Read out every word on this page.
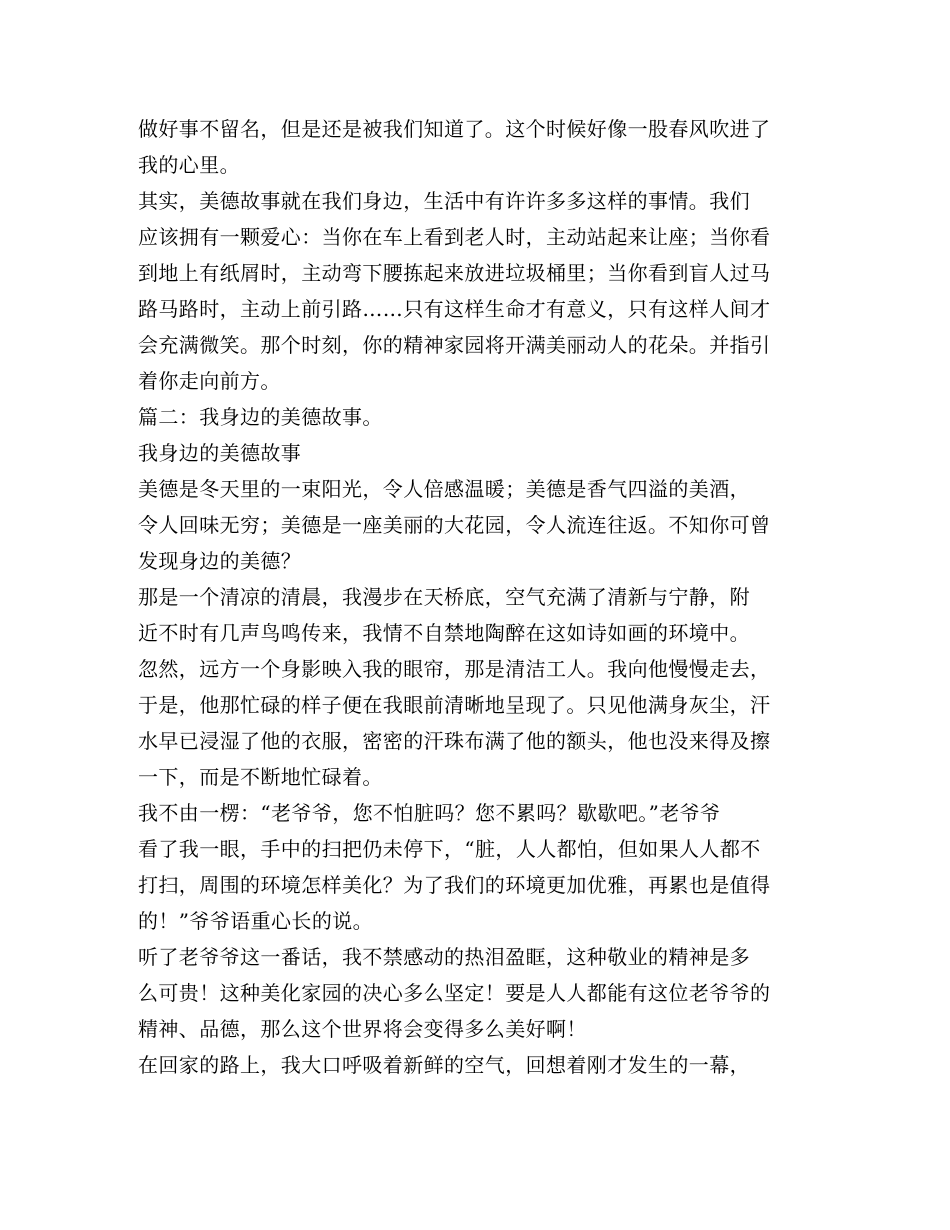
做好事不留名，但是还是被我们知道了。这个时候好像一股春风吹进了
我的心里。
其实，美德故事就在我们身边，生活中有许许多多这样的事情。我们
应该拥有一颗爱心：当你在车上看到老人时，主动站起来让座；当你看
到地上有纸屑时，主动弯下腰拣起来放进垃圾桶里；当你看到盲人过马
路马路时，主动上前引路……只有这样生命才有意义，只有这样人间才
会充满微笑。那个时刻，你的精神家园将开满美丽动人的花朵。并指引
着你走向前方。
篇二：我身边的美德故事。
我身边的美德故事
美德是冬天里的一束阳光，令人倍感温暖；美德是香气四溢的美酒，
令人回味无穷；美德是一座美丽的大花园，令人流连往返。不知你可曾
发现身边的美德？
那是一个清凉的清晨，我漫步在天桥底，空气充满了清新与宁静，附
近不时有几声鸟鸣传来，我情不自禁地陶醉在这如诗如画的环境中。
忽然，远方一个身影映入我的眼帘，那是清洁工人。我向他慢慢走去，
于是，他那忙碌的样子便在我眼前清晰地呈现了。只见他满身灰尘，汗
水早已浸湿了他的衣服，密密的汗珠布满了他的额头，他也没来得及擦
一下，而是不断地忙碌着。
我不由一楞：“老爷爷，您不怕脏吗？您不累吗？歇歇吧。”老爷爷
看了我一眼，手中的扫把仍未停下，“脏，人人都怕，但如果人人都不
打扫，周围的环境怎样美化？为了我们的环境更加优雅，再累也是值得
的！”爷爷语重心长的说。
听了老爷爷这一番话，我不禁感动的热泪盈眶，这种敬业的精神是多
么可贵！这种美化家园的决心多么坚定！要是人人都能有这位老爷爷的
精神、品德，那么这个世界将会变得多么美好啊！
在回家的路上，我大口呼吸着新鲜的空气，回想着刚才发生的一幕，
